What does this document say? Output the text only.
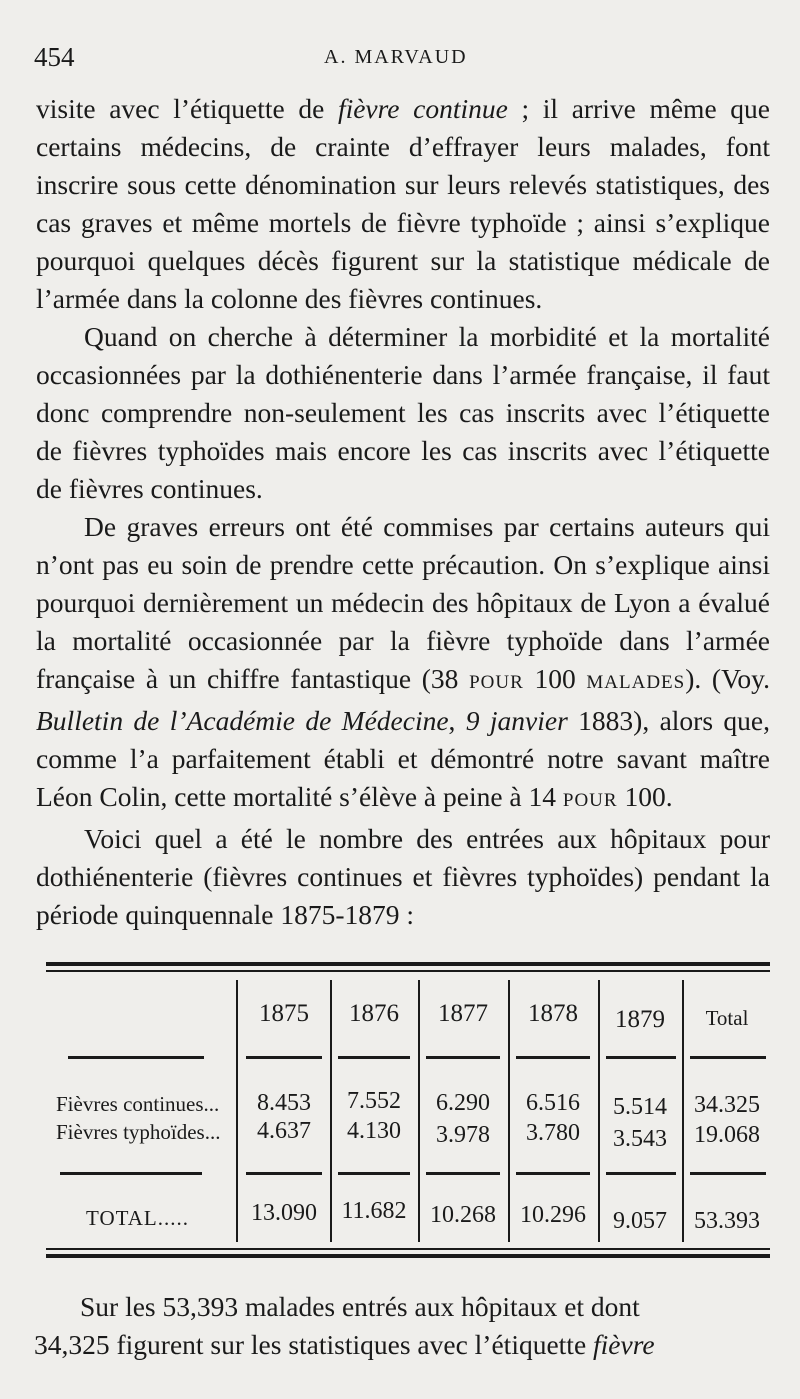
454	A. MARVAUD

visite avec l’étiquette de fièvre continue ; il arrive même que certains médecins, de crainte d’effrayer leurs malades, font inscrire sous cette dénomination sur leurs relevés statistiques, des cas graves et même mortels de fièvre typhoïde ; ainsi s’explique pourquoi quelques décès figurent sur la statistique médicale de l’armée dans la colonne des fièvres continues.

Quand on cherche à déterminer la morbidité et la mortalité occasionnées par la dothiénenterie dans l’armée française, il faut donc comprendre non-seulement les cas inscrits avec l’étiquette de fièvres typhoïdes mais encore les cas inscrits avec l’étiquette de fièvres continues.

De graves erreurs ont été commises par certains auteurs qui n’ont pas eu soin de prendre cette précaution. On s’explique ainsi pourquoi dernièrement un médecin des hôpitaux de Lyon a évalué la mortalité occasionnée par la fièvre typhoïde dans l’armée française à un chiffre fantastique (38 POUR 100 MALADES). (Voy. Bulletin de l’Académie de Médecine, 9 janvier 1883), alors que, comme l’a parfaitement établi et démontré notre savant maître Léon Colin, cette mortalité s’élève à peine à 14 POUR 100.

Voici quel a été le nombre des entrées aux hôpitaux pour dothiénenterie (fièvres continues et fièvres typhoïdes) pendant la période quinquennale 1875-1879 :

1875	1876	1877	1878	1879	Total
Fièvres continues...	8.453	7.552	6.290	6.516	5.514	34.325
Fièvres typhoïdes...	4.637	4.130	3.978	3.780	3.543	19.068
TOTAL.....	13.090	11.682 10.268	10.296	9.057	53.393
Sur les 53,393 malades entrés aux hôpitaux et dont
34,325 figurent sur les statistiques avec l’étiquette fièvre
